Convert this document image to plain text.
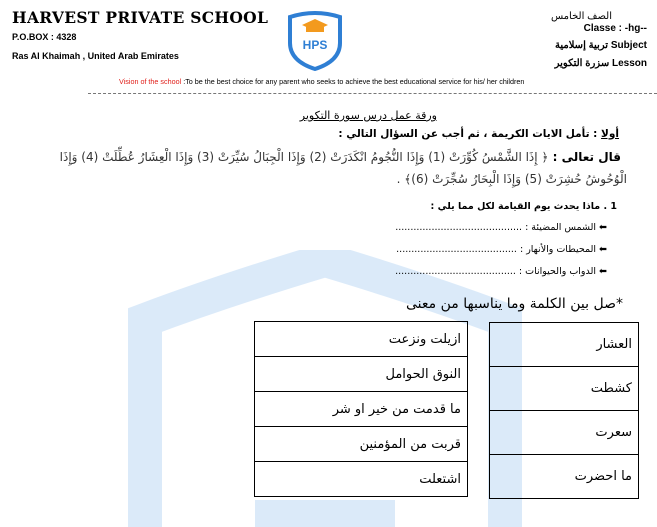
HARVEST PRIVATE SCHOOL
P.O.BOX : 4328
Ras Al Khaimah , United Arab Emirates
HPS
الصف الخامس
Classe : -hg--
تربية إسلامية Subject
سزرة التكوير Lesson
Vision of the school :To be the best choice for any parent who seeks to achieve the best educational service for his/ her children
ورقة عمل درس سورة التكوير
أولا : تأمل الايات الكريمة ، ثم أجب عن السؤال التالي :
قال تعالى : ﴿ إِذَا الشَّمْسُ كُوِّرَتْ (1) وَإِذَا النُّجُومُ انْكَدَرَتْ (2) وَإِذَا الْجِبَالُ سُيِّرَتْ (3) وَإِذَا الْعِشَارُ عُطِّلَتْ (4) وَإِذَا
الْوُحُوشُ حُشِرَتْ (5) وَإِذَا الْبِحَارُ سُجِّرَتْ (6)﴾ .
1 . ماذا يحدث يوم القيامة لكل مما يلي :
⬅ الشمس المضيئة : ..........................................
⬅ المحيطات والأنهار : ........................................
⬅ الدواب والحيوانات : ........................................
*صل بين الكلمة وما يناسبها من معنى
ازيلت ونزعت
النوق الحوامل
ما قدمت من خير او شر
قربت من المؤمنين
اشتعلت
العشار
كشطت
سعرت
ما احضرت
